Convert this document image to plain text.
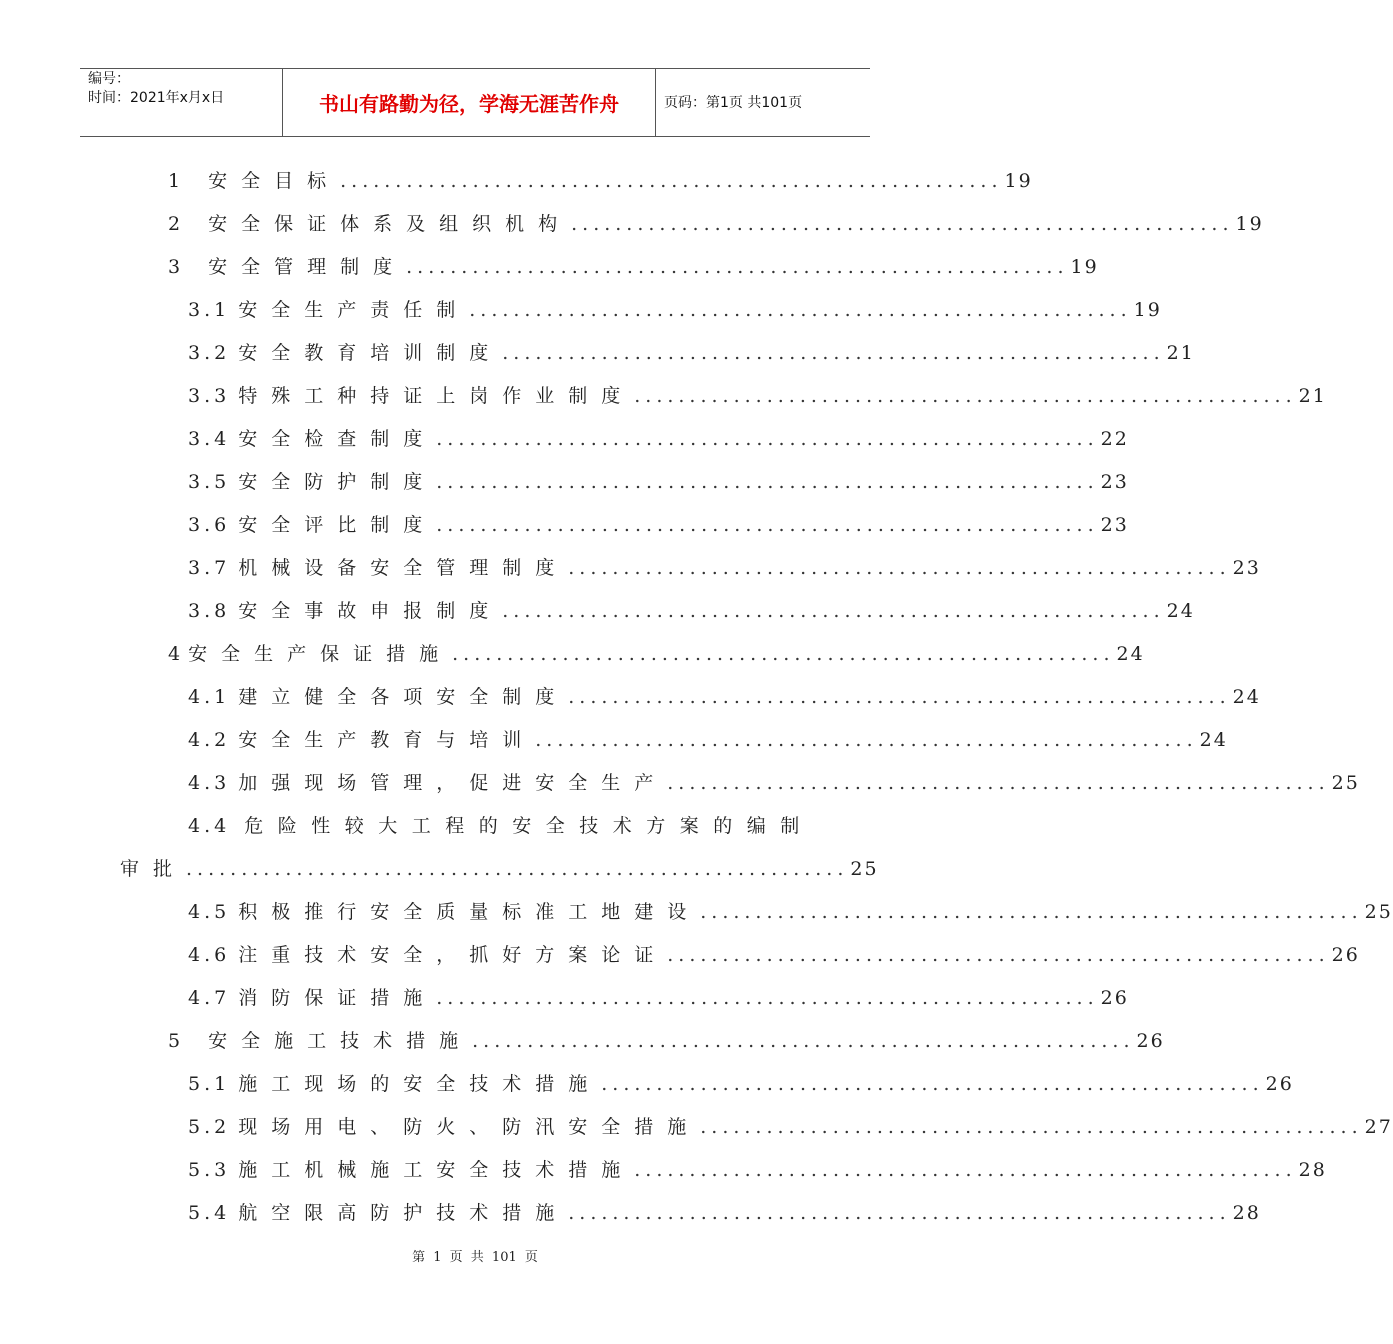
编号：
时间：2021年x月x日	书山有路勤为径，学海无涯苦作舟	页码：第1页 共101页
1 安全目标 ............................................................ 19
2 安全保证体系及组织机构 ............................................................ 19
3 安全管理制度 ............................................................ 19
3.1 安全生产责任制 ............................................................ 19
3.2 安全教育培训制度 ............................................................ 21
3.3 特殊工种持证上岗作业制度 ............................................................ 21
3.4 安全检查制度 ............................................................ 22
3.5 安全防护制度 ............................................................ 23
3.6 安全评比制度 ............................................................ 23
3.7 机械设备安全管理制度 ............................................................ 23
3.8 安全事故申报制度 ............................................................ 24
4 安全生产保证措施 ............................................................ 24
4.1 建立健全各项安全制度 ............................................................ 24
4.2 安全生产教育与培训 ............................................................ 24
4.3 加强现场管理，促进安全生产 ............................................................ 25
4.4 危险性较大工程的安全技术方案的编制
审批 ............................................................ 25
4.5 积极推行安全质量标准工地建设 ............................................................ 25
4.6 注重技术安全，抓好方案论证 ............................................................ 26
4.7 消防保证措施 ............................................................ 26
5 安全施工技术措施 ............................................................ 26
5.1 施工现场的安全技术措施 ............................................................ 26
5.2 现场用电、防火、防汛安全措施 ............................................................ 27
5.3 施工机械施工安全技术措施 ............................................................ 28
5.4 航空限高防护技术措施 ............................................................ 28
第 1 页 共 101 页
